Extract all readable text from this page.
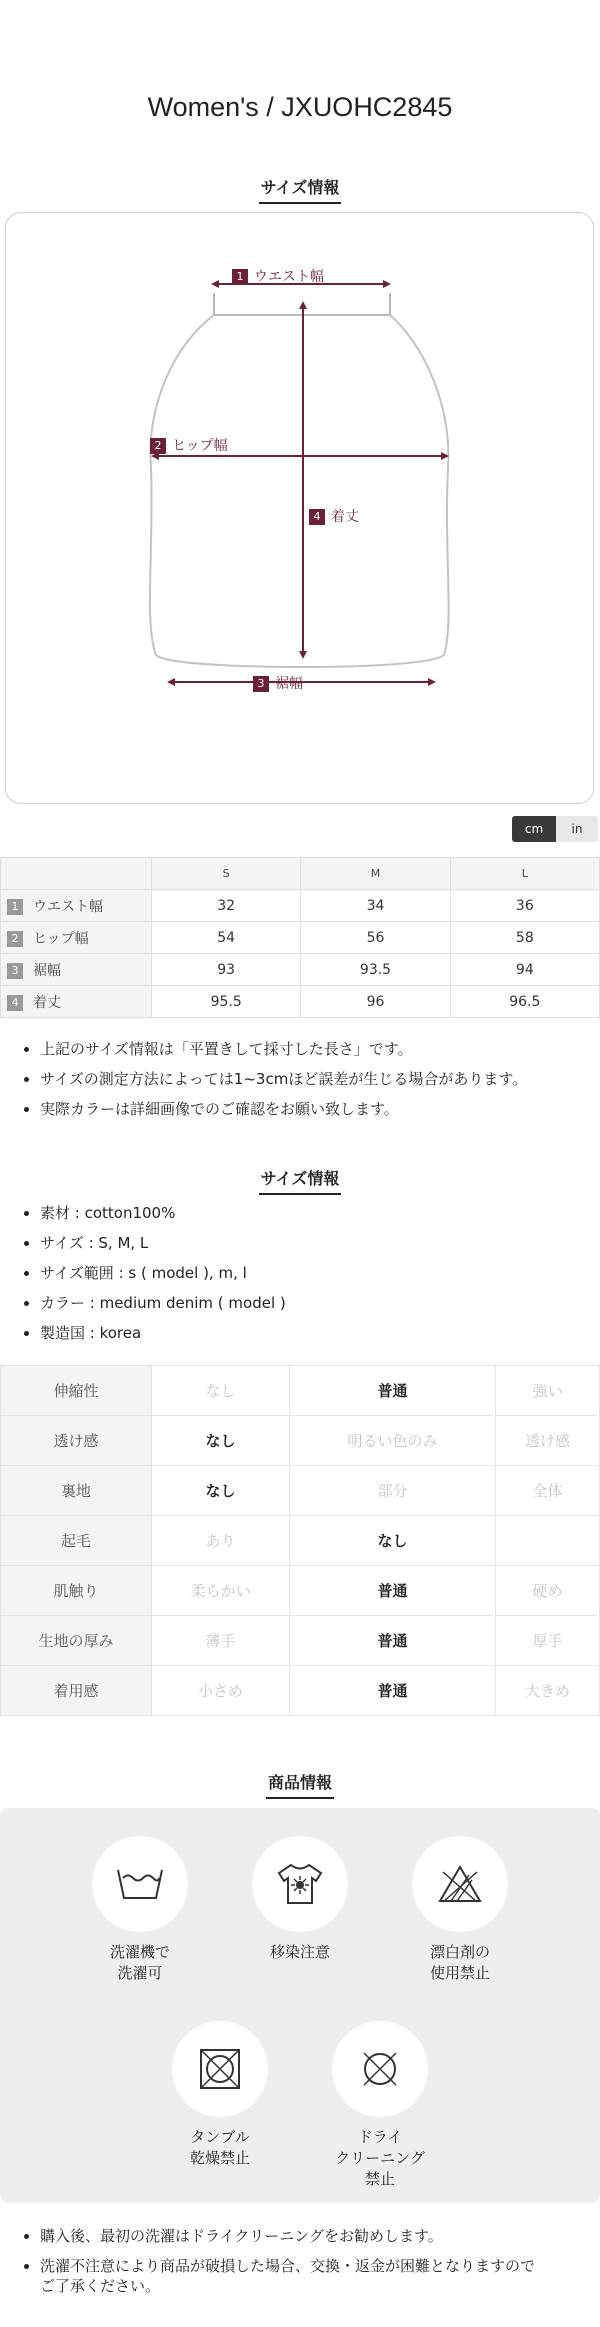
Women's / JXUOHC2845
サイズ情報
1 ウエスト幅
2 ヒップ幅
3 裾幅
4 着丈
cm	in
	S	M	L
1 ウエスト幅	32	34	36
2 ヒップ幅	54	56	58
3 裾幅	93	93.5	94
4 着丈	95.5	96	96.5
• 上記のサイズ情報は「平置きして採寸した長さ」です。
• サイズの測定方法によっては1~3cmほど誤差が生じる場合があります。
• 実際カラーは詳細画像でのご確認をお願い致します。
サイズ情報
• 素材 : cotton100%
• サイズ : S, M, L
• サイズ範囲 : s ( model ), m, l
• カラー : medium denim ( model )
• 製造国 : korea
伸縮性	なし	普通	強い
透け感	なし	明るい色のみ	透け感
裏地	なし	部分	全体
起毛	あり	なし	
肌触り	柔らかい	普通	硬め
生地の厚み	薄手	普通	厚手
着用感	小さめ	普通	大きめ
商品情報
洗濯機で
洗濯可
移染注意	漂白剤の
使用禁止
タンブル
乾燥禁止
ドライ
クリーニング
禁止
• 購入後、最初の洗濯はドライクリーニングをお勧めします。
• 洗濯不注意により商品が破損した場合、交換・返金が困難となりますので
ご了承ください。
